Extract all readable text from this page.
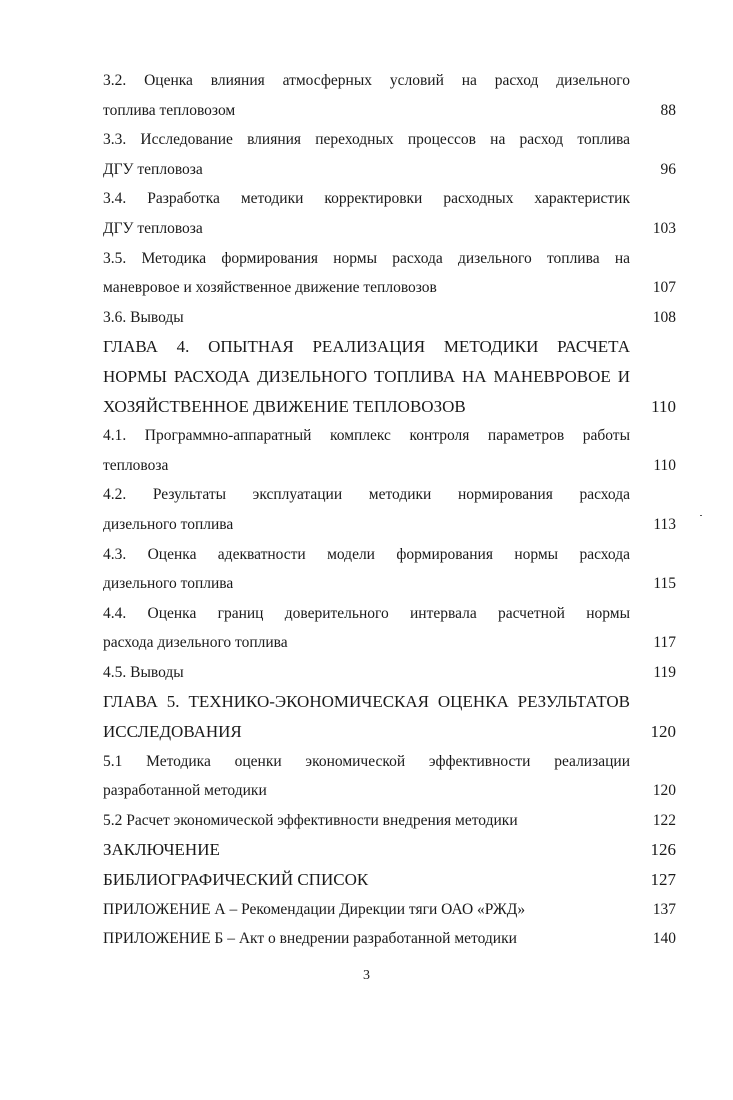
3.2. Оценка влияния атмосферных условий на расход дизельного
топлива тепловозом	88
3.3. Исследование влияния переходных процессов на расход топлива
ДГУ тепловоза	96
3.4. Разработка методики корректировки расходных характеристик
ДГУ тепловоза	103
3.5. Методика формирования нормы расхода дизельного топлива на
маневровое и хозяйственное движение тепловозов	107
3.6. Выводы	108
ГЛАВА 4. ОПЫТНАЯ РЕАЛИЗАЦИЯ МЕТОДИКИ РАСЧЕТА
НОРМЫ РАСХОДА ДИЗЕЛЬНОГО ТОПЛИВА НА МАНЕВРОВОЕ И
ХОЗЯЙСТВЕННОЕ ДВИЖЕНИЕ ТЕПЛОВОЗОВ	110
4.1. Программно-аппаратный комплекс контроля параметров работы
тепловоза	110
4.2. Результаты эксплуатации методики нормирования расхода
дизельного топлива	113
4.3. Оценка адекватности модели формирования нормы расхода
дизельного топлива	115
4.4. Оценка границ доверительного интервала расчетной нормы
расхода дизельного топлива	117
4.5. Выводы	119
ГЛАВА 5. ТЕХНИКО-ЭКОНОМИЧЕСКАЯ ОЦЕНКА РЕЗУЛЬТАТОВ
ИССЛЕДОВАНИЯ	120
5.1 Методика оценки экономической эффективности реализации
разработанной методики	120
5.2 Расчет экономической эффективности внедрения методики	122
ЗАКЛЮЧЕНИЕ	126
БИБЛИОГРАФИЧЕСКИЙ СПИСОК	127
ПРИЛОЖЕНИЕ А – Рекомендации Дирекции тяги ОАО «РЖД»	137
ПРИЛОЖЕНИЕ Б – Акт о внедрении разработанной методики	140
3
